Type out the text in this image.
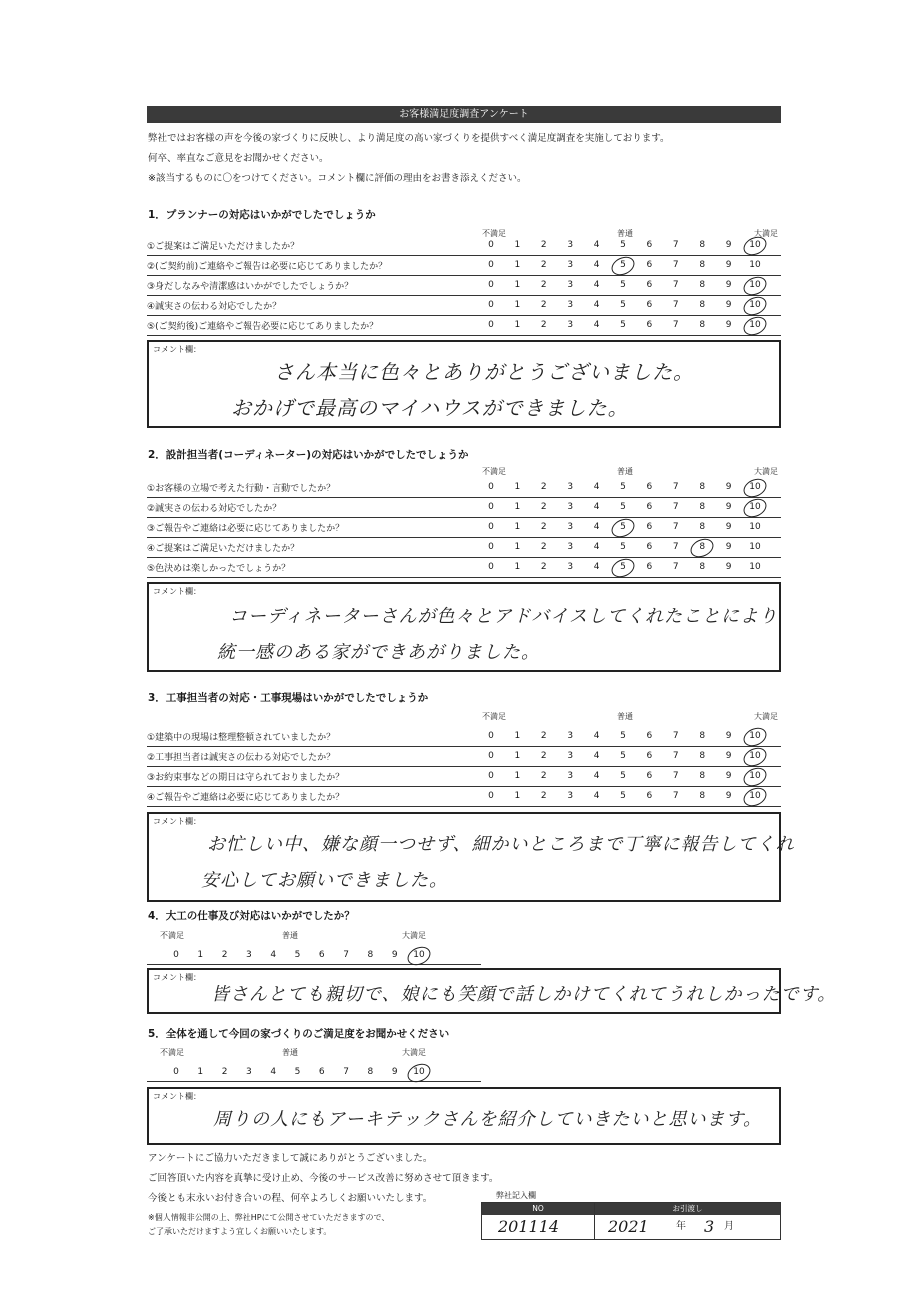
お客様満足度調査アンケート
弊社ではお客様の声を今後の家づくりに反映し、より満足度の高い家づくりを提供すべく満足度調査を実施しております。
何卒、率直なご意見をお聞かせください。
※該当するものに〇をつけてください。コメント欄に評価の理由をお書き添えください。
1．プランナーの対応はいかがでしたでしょうか
不満足	普通	大満足
①ご提案はご満足いただけましたか？	0	1	2	3	4	5	6	7	8	9	10
②(ご契約前)ご連絡やご報告は必要に応じてありましたか？	0	1	2	3	4	5	6	7	8	9	10
③身だしなみや清潔感はいかがでしたでしょうか？	0	1	2	3	4	5	6	7	8	9	10
④誠実さの伝わる対応でしたか？	0	1	2	3	4	5	6	7	8	9	10
⑤(ご契約後)ご連絡やご報告必要に応じてありましたか？	0	1	2	3	4	5	6	7	8	9	10
コメント欄：
さん本当に色々とありがとうございました。
おかげで最高のマイハウスができました。
2．設計担当者(コーディネーター)の対応はいかがでしたでしょうか
不満足	普通	大満足
①お客様の立場で考えた行動・言動でしたか？	0	1	2	3	4	5	6	7	8	9	10
②誠実さの伝わる対応でしたか？	0	1	2	3	4	5	6	7	8	9	10
③ご報告やご連絡は必要に応じてありましたか？	0	1	2	3	4	5	6	7	8	9	10
④ご提案はご満足いただけましたか？	0	1	2	3	4	5	6	7	8	9	10
⑤色決めは楽しかったでしょうか？	0	1	2	3	4	5	6	7	8	9	10
コメント欄：
コーディネーターさんが色々とアドバイスしてくれたことにより
統一感のある家ができあがりました。
3．工事担当者の対応・工事現場はいかがでしたでしょうか
不満足	普通	大満足
①建築中の現場は整理整頓されていましたか？	0	1	2	3	4	5	6	7	8	9	10
②工事担当者は誠実さの伝わる対応でしたか？	0	1	2	3	4	5	6	7	8	9	10
③お約束事などの期日は守られておりましたか？	0	1	2	3	4	5	6	7	8	9	10
④ご報告やご連絡は必要に応じてありましたか？	0	1	2	3	4	5	6	7	8	9	10
コメント欄：
お忙しい中、嫌な顔一つせず、細かいところまで丁寧に報告してくれ
安心してお願いできました。
4．大工の仕事及び対応はいかがでしたか？
不満足	普通	大満足
0	1	2	3	4	5	6	7	8	9	10
コメント欄：
皆さんとても親切で、娘にも笑顔で話しかけてくれてうれしかったです。
5．全体を通して今回の家づくりのご満足度をお聞かせください
不満足	普通	大満足
0	1	2	3	4	5	6	7	8	9	10
コメント欄：
周りの人にもアーキテックさんを紹介していきたいと思います。
アンケートにご協力いただきまして誠にありがとうございました。
ご回答頂いた内容を真摯に受け止め、今後のサービス改善に努めさせて頂きます。
今後とも末永いお付き合いの程、何卒よろしくお願いいたします。
※個人情報非公開の上、弊社HPにて公開させていただきますので、
ご了承いただけますよう宜しくお願いいたします。
弊社記入欄
NO	お引渡し
201114	2021	年 3 月
